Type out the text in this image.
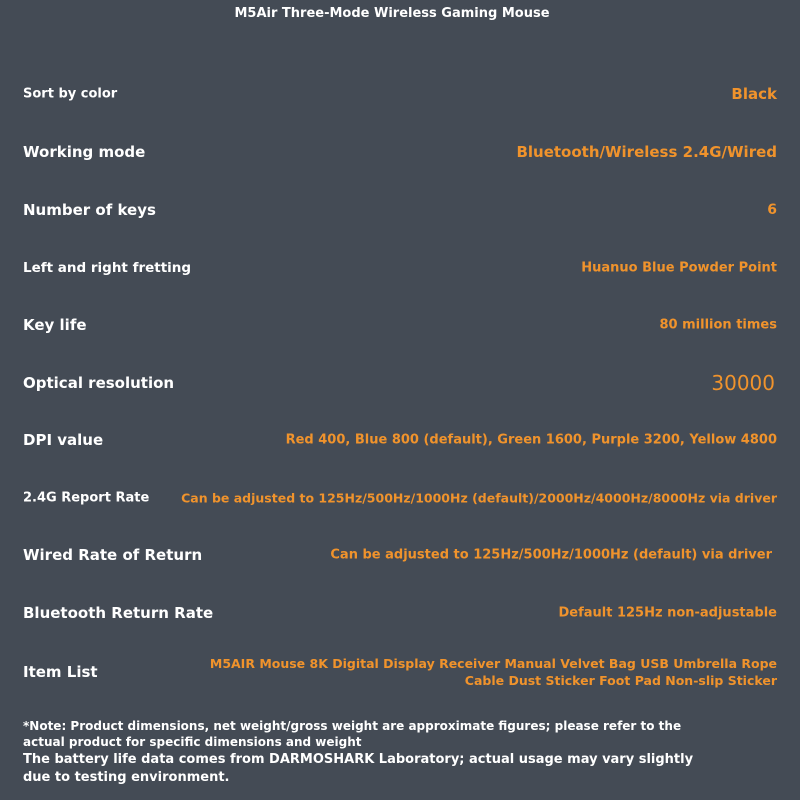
M5Air Three-Mode Wireless Gaming Mouse
Sort by color	Black
Working mode	Bluetooth/Wireless 2.4G/Wired
Number of keys	6
Left and right fretting	Huanuo Blue Powder Point
Key life	80 million times
Optical resolution	30000
DPI value	Red 400, Blue 800 (default), Green 1600, Purple 3200, Yellow 4800
2.4G Report Rate	Can be adjusted to 125Hz/500Hz/1000Hz (default)/2000Hz/4000Hz/8000Hz via driver
Wired Rate of Return	Can be adjusted to 125Hz/500Hz/1000Hz (default) via driver
Bluetooth Return Rate	Default 125Hz non-adjustable
Item List	M5AIR Mouse 8K Digital Display Receiver Manual Velvet Bag USB Umbrella Rope Cable Dust Sticker Foot Pad Non-slip Sticker
*Note: Product dimensions, net weight/gross weight are approximate figures; please refer to the actual product for specific dimensions and weight
The battery life data comes from DARMOSHARK Laboratory; actual usage may vary slightly due to testing environment.
